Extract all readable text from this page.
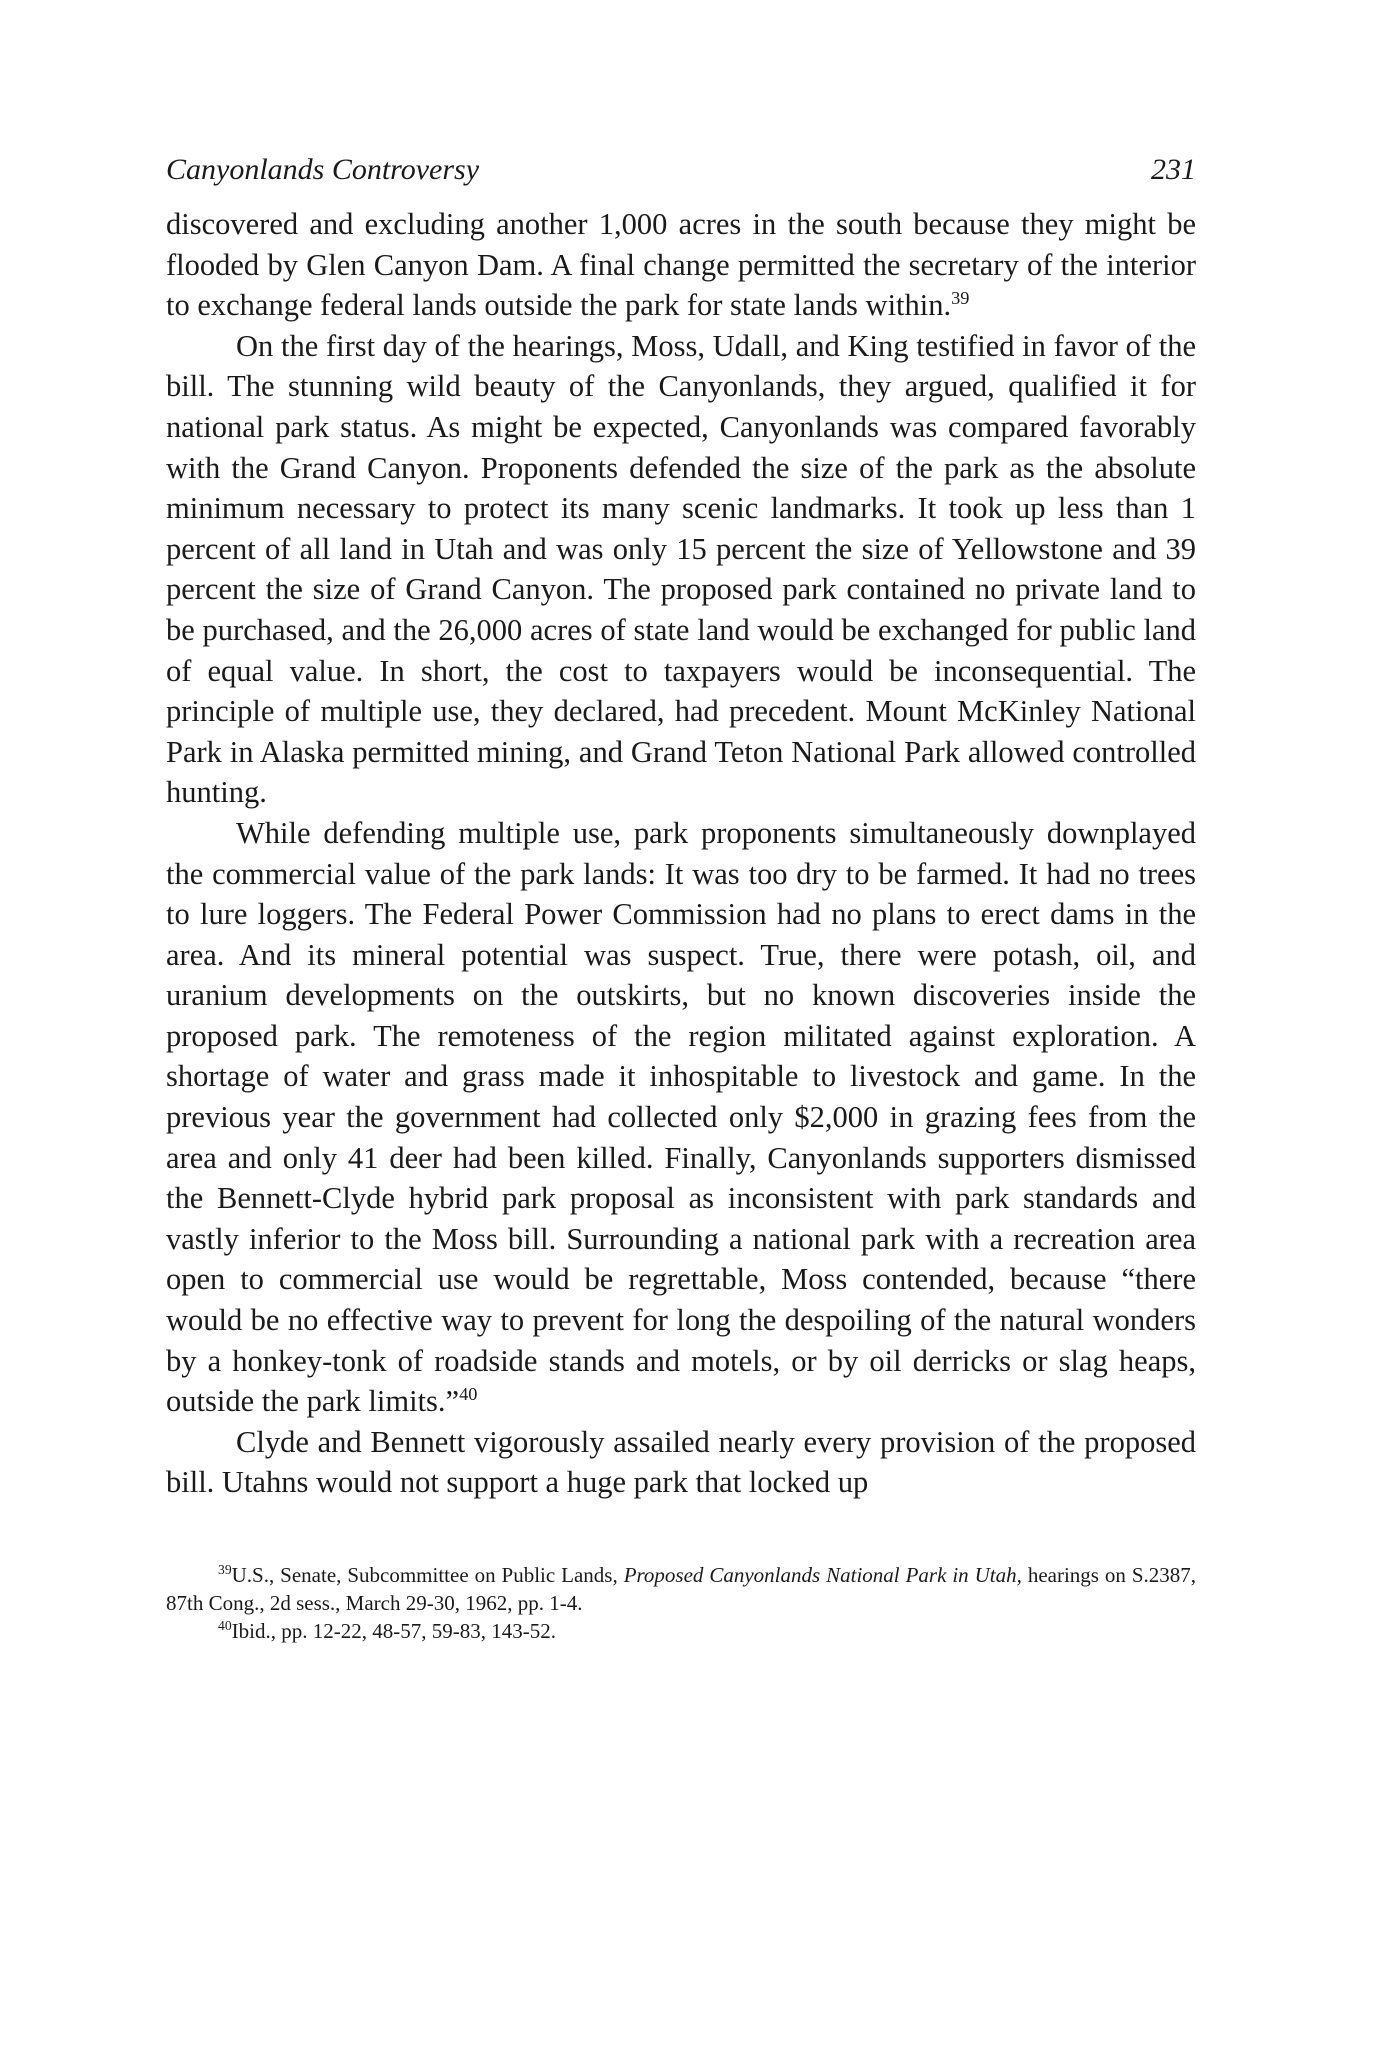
Canyonlands Controversy	231

discovered and excluding another 1,000 acres in the south because they might be flooded by Glen Canyon Dam. A final change permitted the secretary of the interior to exchange federal lands outside the park for state lands within.$^{39}$

On the first day of the hearings, Moss, Udall, and King testified in favor of the bill. The stunning wild beauty of the Canyonlands, they argued, qualified it for national park status. As might be expected, Canyonlands was compared favorably with the Grand Canyon. Proponents defended the size of the park as the absolute minimum necessary to protect its many scenic landmarks. It took up less than 1 percent of all land in Utah and was only 15 percent the size of Yellowstone and 39 percent the size of Grand Canyon. The proposed park contained no private land to be purchased, and the 26,000 acres of state land would be exchanged for public land of equal value. In short, the cost to taxpayers would be inconsequential. The principle of multiple use, they declared, had precedent. Mount McKinley National Park in Alaska permitted mining, and Grand Teton National Park allowed controlled hunting.

While defending multiple use, park proponents simultaneously downplayed the commercial value of the park lands: It was too dry to be farmed. It had no trees to lure loggers. The Federal Power Commission had no plans to erect dams in the area. And its mineral potential was suspect. True, there were potash, oil, and uranium developments on the outskirts, but no known discoveries inside the proposed park. The remoteness of the region militated against exploration. A shortage of water and grass made it inhospitable to livestock and game. In the previous year the government had collected only $2,000 in grazing fees from the area and only 41 deer had been killed. Finally, Canyonlands supporters dismissed the Bennett-Clyde hybrid park proposal as inconsistent with park standards and vastly inferior to the Moss bill. Surrounding a national park with a recreation area open to commercial use would be regrettable, Moss contended, because “there would be no effective way to prevent for long the despoiling of the natural wonders by a honkey-tonk of roadside stands and motels, or by oil derricks or slag heaps, outside the park limits.”$^{40}$

Clyde and Bennett vigorously assailed nearly every provision of the proposed bill. Utahns would not support a huge park that locked up

$^{39}$U.S., Senate, Subcommittee on Public Lands, Proposed Canyonlands National Park in Utah, hearings on S.2387, 87th Cong., 2d sess., March 29-30, 1962, pp. 1-4.

$^{40}$Ibid., pp. 12-22, 48-57, 59-83, 143-52.
